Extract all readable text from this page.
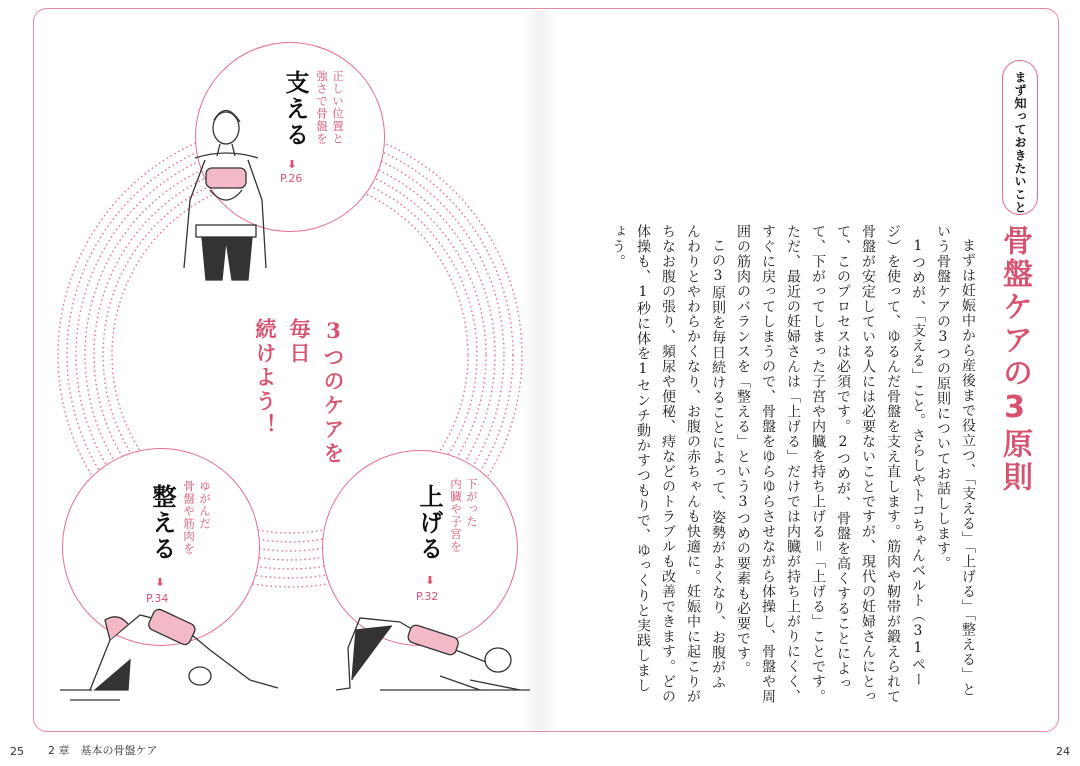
支える	正しい位置と
強さで骨盤を
⬇
P.26
上げる	下がった
内臓や子宮を
⬇
P.32
整える	ゆがんだ
骨盤や筋肉を
⬇
P.34
3つのケアを
毎日
続けよう！
まず知っておきたいこと
骨盤ケアの3原則

まずは妊娠中から産後まで役立つ、「支える」「上げる」「整える」という骨盤ケアの3つの原則についてお話しします。

1つめが、「支える」こと。さらしやトコちゃんベルト（31ページ）を使って、ゆるんだ骨盤を支え直します。筋肉や靭帯が鍛えられて骨盤が安定している人には必要ないことですが、現代の妊婦さんにとって、このプロセスは必須です。2つめが、骨盤を高くすることによって、下がってしまった子宮や内臓を持ち上げる＝「上げる」ことです。ただ、最近の妊婦さんは「上げる」だけでは内臓が持ち上がりにくく、すぐに戻ってしまうので、骨盤をゆらゆらさせながら体操し、骨盤や周囲の筋肉のバランスを「整える」という3つめの要素も必要です。

この3原則を毎日続けることによって、姿勢がよくなり、お腹がふんわりとやわらかくなり、お腹の赤ちゃんも快適に。妊娠中に起こりがちなお腹の張り、頻尿や便秘、痔などのトラブルも改善できます。どの体操も、1秒に体を1センチ動かすつもりで、ゆっくりと実践しましょう。

25 2 章　基本の骨盤ケア	24
